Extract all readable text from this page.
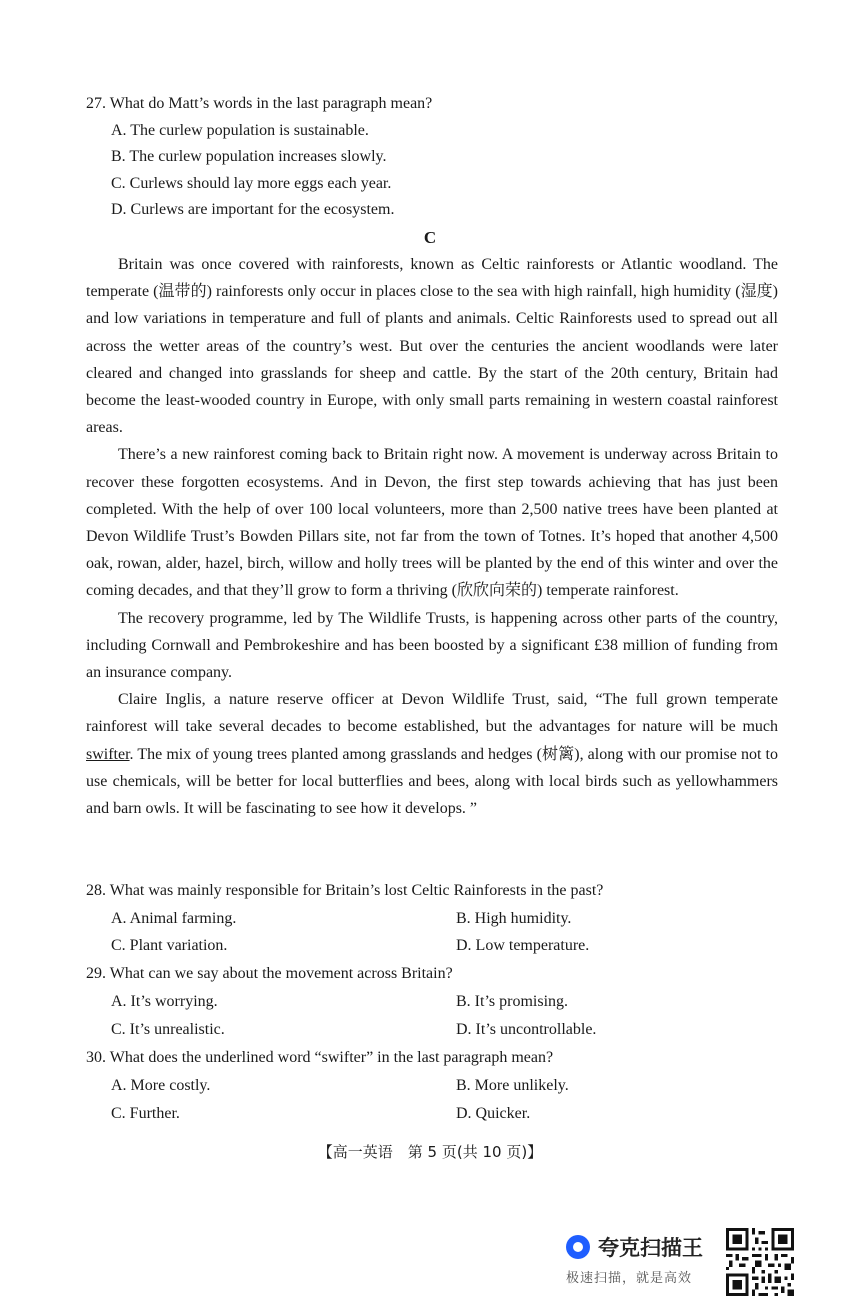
27. What do Matt’s words in the last paragraph mean?
A. The curlew population is sustainable.
B. The curlew population increases slowly.
C. Curlews should lay more eggs each year.
D. Curlews are important for the ecosystem.
C

Britain was once covered with rainforests, known as Celtic rainforests or Atlantic woodland. The temperate (温带的) rainforests only occur in places close to the sea with high rainfall, high humidity (湿度) and low variations in temperature and full of plants and animals. Celtic Rainforests used to spread out all across the wetter areas of the country’s west. But over the centuries the ancient woodlands were later cleared and changed into grasslands for sheep and cattle. By the start of the 20th century, Britain had become the least-wooded country in Europe, with only small parts remaining in western coastal rainforest areas.

There’s a new rainforest coming back to Britain right now. A movement is underway across Britain to recover these forgotten ecosystems. And in Devon, the first step towards achieving that has just been completed. With the help of over 100 local volunteers, more than 2,500 native trees have been planted at Devon Wildlife Trust’s Bowden Pillars site, not far from the town of Totnes. It’s hoped that another 4,500 oak, rowan, alder, hazel, birch, willow and holly trees will be planted by the end of this winter and over the coming decades, and that they’ll grow to form a thriving (欣欣向荣的) temperate rainforest.

The recovery programme, led by The Wildlife Trusts, is happening across other parts of the country, including Cornwall and Pembrokeshire and has been boosted by a significant £38 million of funding from an insurance company.

Claire Inglis, a nature reserve officer at Devon Wildlife Trust, said, “The full grown temperate rainforest will take several decades to become established, but the advantages for nature will be much swifter. The mix of young trees planted among grasslands and hedges (树篱), along with our promise not to use chemicals, will be better for local butterflies and bees, along with local birds such as yellowhammers and barn owls. It will be fascinating to see how it develops. ”

28. What was mainly responsible for Britain’s lost Celtic Rainforests in the past?
A. Animal farming.	B. High humidity.
C. Plant variation.	D. Low temperature.
29. What can we say about the movement across Britain?
A. It’s worrying.	B. It’s promising.
C. It’s unrealistic.	D. It’s uncontrollable.
30. What does the underlined word “swifter” in the last paragraph mean?
A. More costly.	B. More unlikely.
C. Further.	D. Quicker.
【高一英语　第 5 页(共 10 页)】
夸克扫描王
极速扫描，就是高效
